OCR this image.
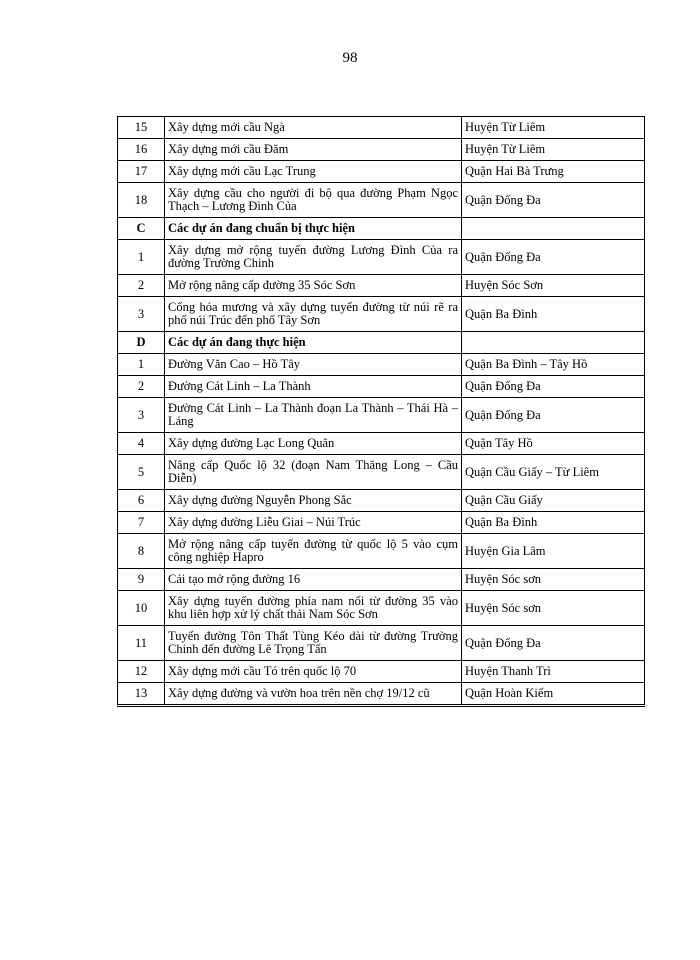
98
15	Xây dựng mới cầu Ngà	Huyện Từ Liêm
16	Xây dựng mới cầu Đăm	Huyện Từ Liêm
17	Xây dựng mới cầu Lạc Trung	Quận Hai Bà Trưng
18	Xây dựng cầu cho người đi bộ qua đường Phạm Ngọc Thạch – Lương Đình Của	Quận Đống Đa
C	Các dự án đang chuẩn bị thực hiện	
1	Xây dựng mở rộng tuyến đường Lương Đình Của ra đường Trường Chinh	Quận Đống Đa
2	Mở rộng nâng cấp đường 35 Sóc Sơn	Huyện Sóc Sơn
3	Cống hóa mương và xây dựng tuyến đường từ núi rẽ ra phố núi Trúc đến phố Tây Sơn	Quận Ba Đình
D	Các dự án đang thực hiện	
1	Đường Văn Cao – Hồ Tây	Quận Ba Đình – Tây Hồ
2	Đường Cát Linh – La Thành	Quận Đống Đa
3	Đường Cát Linh – La Thành đoạn La Thành – Thái Hà – Láng	Quận Đống Đa
4	Xây dựng đường Lạc Long Quân	Quận Tây Hồ
5	Nâng cấp Quốc lộ 32 (đoạn Nam Thăng Long – Cầu Diễn)	Quận Cầu Giấy – Từ Liêm
6	Xây dựng đường Nguyễn Phong Sắc	Quận Cầu Giấy
7	Xây dựng đường Liễu Giai – Núi Trúc	Quận Ba Đình
8	Mở rộng nâng cấp tuyến đường từ quốc lộ 5 vào cụm công nghiệp Hapro	Huyện Gia Lâm
9	Cải tạo mở rộng đường 16	Huyện Sóc sơn
10	Xây dựng tuyến đường phía nam nối từ đường 35 vào khu liên hợp xử lý chất thải Nam Sóc Sơn	Huyện Sóc sơn
11	Tuyến đường Tôn Thất Tùng Kéo dài từ đường Trường Chinh đến đường Lê Trọng Tấn	Quận Đống Đa
12	Xây dựng mới cầu Tó trên quốc lộ 70	Huyện Thanh Trì
13	Xây dựng đường và vườn hoa trên nền chợ 19/12 cũ	Quận Hoàn Kiếm
